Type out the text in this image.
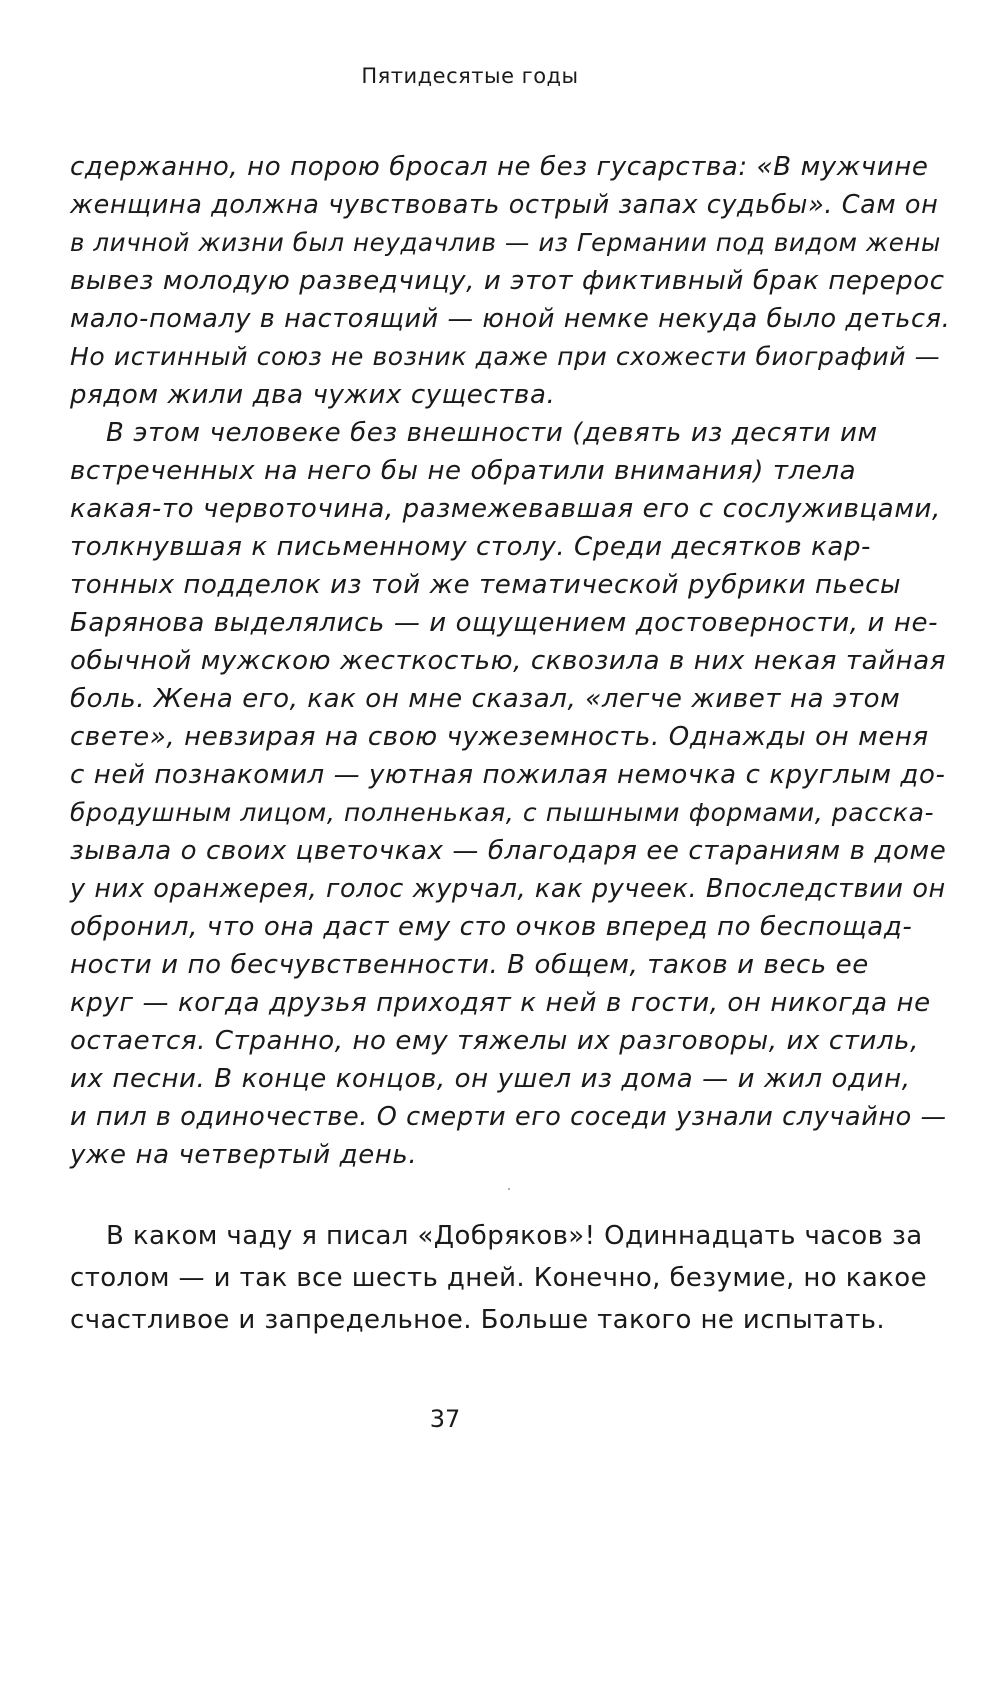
Пятидесятые годы
сдержанно, но порою бросал не без гусарства: «В мужчине
женщина должна чувствовать острый запах судьбы». Сам он
в личной жизни был неудачлив — из Германии под видом жены
вывез молодую разведчицу, и этот фиктивный брак перерос
мало-помалу в настоящий — юной немке некуда было деться.
Но истинный союз не возник даже при схожести биографий —
рядом жили два чужих существа.
В этом человеке без внешности (девять из десяти им
встреченных на него бы не обратили внимания) тлела
какая-то червоточина, размежевавшая его с сослуживцами,
толкнувшая к письменному столу. Среди десятков кар-
тонных подделок из той же тематической рубрики пьесы
Барянова выделялись — и ощущением достоверности, и не-
обычной мужскою жесткостью, сквозила в них некая тайная
боль. Жена его, как он мне сказал, «легче живет на этом
свете», невзирая на свою чужеземность. Однажды он меня
с ней познакомил — уютная пожилая немочка с круглым до-
бродушным лицом, полненькая, с пышными формами, расска-
зывала о своих цветочках — благодаря ее стараниям в доме
у них оранжерея, голос журчал, как ручеек. Впоследствии он
обронил, что она даст ему сто очков вперед по беспощад-
ности и по бесчувственности. В общем, таков и весь ее
круг — когда друзья приходят к ней в гости, он никогда не
остается. Странно, но ему тяжелы их разговоры, их стиль,
их песни. В конце концов, он ушел из дома — и жил один,
и пил в одиночестве. О смерти его соседи узнали случайно —
уже на четвертый день.
В каком чаду я писал «Добряков»! Одиннадцать часов за
столом — и так все шесть дней. Конечно, безумие, но какое
счастливое и запредельное. Больше такого не испытать.
37
